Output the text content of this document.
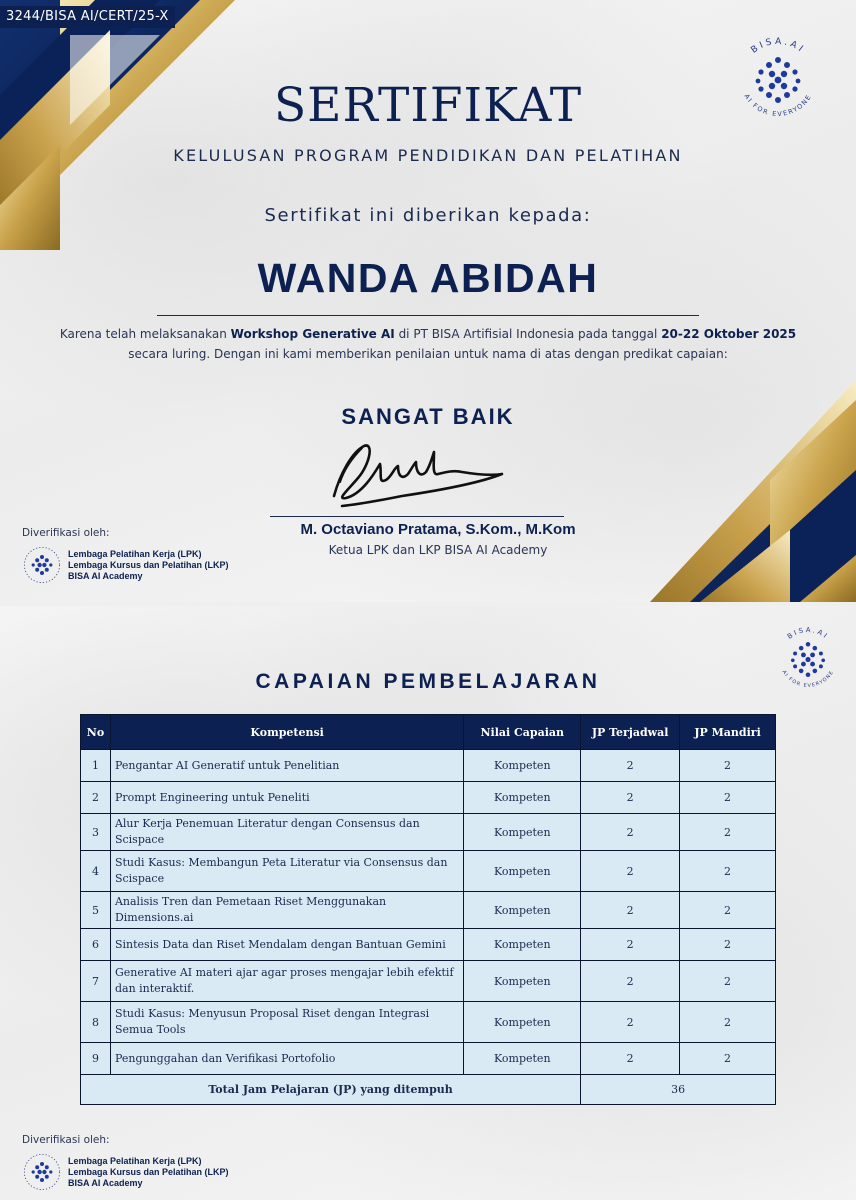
3244/BISA AI/CERT/25-X
BISA.AI
AI FOR EVERYONE
SERTIFIKAT
KELULUSAN PROGRAM PENDIDIKAN DAN PELATIHAN
Sertifikat ini diberikan kepada:
WANDA ABIDAH
Karena telah melaksanakan Workshop Generative AI di PT BISA Artifisial Indonesia pada tanggal 20-22 Oktober 2025
secara luring. Dengan ini kami memberikan penilaian untuk nama di atas dengan predikat capaian:
SANGAT BAIK
M. Octaviano Pratama, S.Kom., M.Kom
Ketua LPK dan LKP BISA AI Academy
Diverifikasi oleh:
Lembaga Pelatihan Kerja (LPK)
Lembaga Kursus dan Pelatihan (LKP)
BISA AI Academy
BISA.AI
AI FOR EVERYONE
CAPAIAN PEMBELAJARAN
No	Kompetensi	Nilai Capaian	JP Terjadwal	JP Mandiri
1	Pengantar AI Generatif untuk Penelitian	Kompeten	2	2
2	Prompt Engineering untuk Peneliti	Kompeten	2	2
3	Alur Kerja Penemuan Literatur dengan Consensus dan Scispace	Kompeten	2	2
4	Studi Kasus: Membangun Peta Literatur via Consensus dan Scispace	Kompeten	2	2
5	Analisis Tren dan Pemetaan Riset Menggunakan Dimensions.ai	Kompeten	2	2
6	Sintesis Data dan Riset Mendalam dengan Bantuan Gemini	Kompeten	2	2
7	Generative AI materi ajar agar proses mengajar lebih efektif dan interaktif.	Kompeten	2	2
8	Studi Kasus: Menyusun Proposal Riset dengan Integrasi Semua Tools	Kompeten	2	2
9	Pengunggahan dan Verifikasi Portofolio	Kompeten	2	2
Total Jam Pelajaran (JP) yang ditempuh			36	
Diverifikasi oleh:
Lembaga Pelatihan Kerja (LPK)
Lembaga Kursus dan Pelatihan (LKP)
BISA AI Academy
